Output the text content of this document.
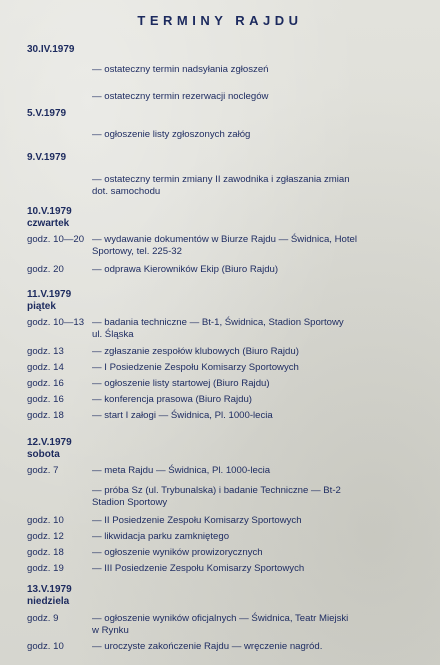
TERMINY RAJDU
30.IV.1979
— ostateczny termin nadsyłania zgłoszeń
— ostateczny termin rezerwacji noclegów
5.V.1979
— ogłoszenie listy zgłoszonych załóg
9.V.1979
— ostateczny termin zmiany II zawodnika i zgłaszania zmian
dot. samochodu
10.V.1979
czwartek
godz. 10—20 — wydawanie dokumentów w Biurze Rajdu — Świdnica, Hotel
Sportowy, tel. 225-32
godz. 20	— odprawa Kierowników Ekip (Biuro Rajdu)
11.V.1979
piątek
godz. 10—13 — badania techniczne — Bt-1, Świdnica, Stadion Sportowy
ul. Śląska
godz. 13	— zgłaszanie zespołów klubowych (Biuro Rajdu)
godz. 14	— I Posiedzenie Zespołu Komisarzy Sportowych
godz. 16	— ogłoszenie listy startowej (Biuro Rajdu)
godz. 16	— konferencja prasowa (Biuro Rajdu)
godz. 18	— start I załogi — Świdnica, Pl. 1000-lecia
12.V.1979
sobota
godz. 7	— meta Rajdu — Świdnica, Pl. 1000-lecia
— próba Sz (ul. Trybunalska) i badanie Techniczne — Bt-2
Stadion Sportowy
godz. 10	— II Posiedzenie Zespołu Komisarzy Sportowych
godz. 12	— likwidacja parku zamkniętego
godz. 18	— ogłoszenie wyników prowizorycznych
godz. 19	— III Posiedzenie Zespołu Komisarzy Sportowych
13.V.1979
niedziela
godz. 9	— ogłoszenie wyników oficjalnych — Świdnica, Teatr Miejski
w Rynku
godz. 10	— uroczyste zakończenie Rajdu — wręczenie nagród.
